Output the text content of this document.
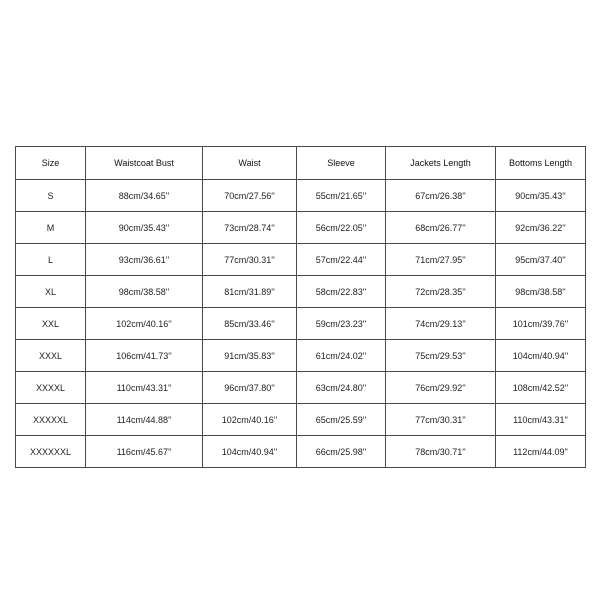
Size	Waistcoat Bust	Waist	Sleeve	Jackets Length	Bottoms Length
S	88cm/34.65''	70cm/27.56''	55cm/21.65''	67cm/26.38''	90cm/35.43''
M	90cm/35.43''	73cm/28.74''	56cm/22.05''	68cm/26.77''	92cm/36.22''
L	93cm/36.61''	77cm/30.31''	57cm/22.44''	71cm/27.95''	95cm/37.40''
XL	98cm/38.58''	81cm/31.89''	58cm/22.83''	72cm/28.35''	98cm/38.58''
XXL	102cm/40.16''	85cm/33.46''	59cm/23.23''	74cm/29.13''	101cm/39.76''
XXXL	106cm/41.73''	91cm/35.83''	61cm/24.02''	75cm/29.53''	104cm/40.94''
XXXXL	110cm/43.31''	96cm/37.80''	63cm/24.80''	76cm/29.92''	108cm/42.52''
XXXXXL	114cm/44.88''	102cm/40.16''	65cm/25.59''	77cm/30.31''	110cm/43.31''
XXXXXXL	116cm/45.67''	104cm/40.94''	66cm/25.98''	78cm/30.71''	112cm/44.09''
